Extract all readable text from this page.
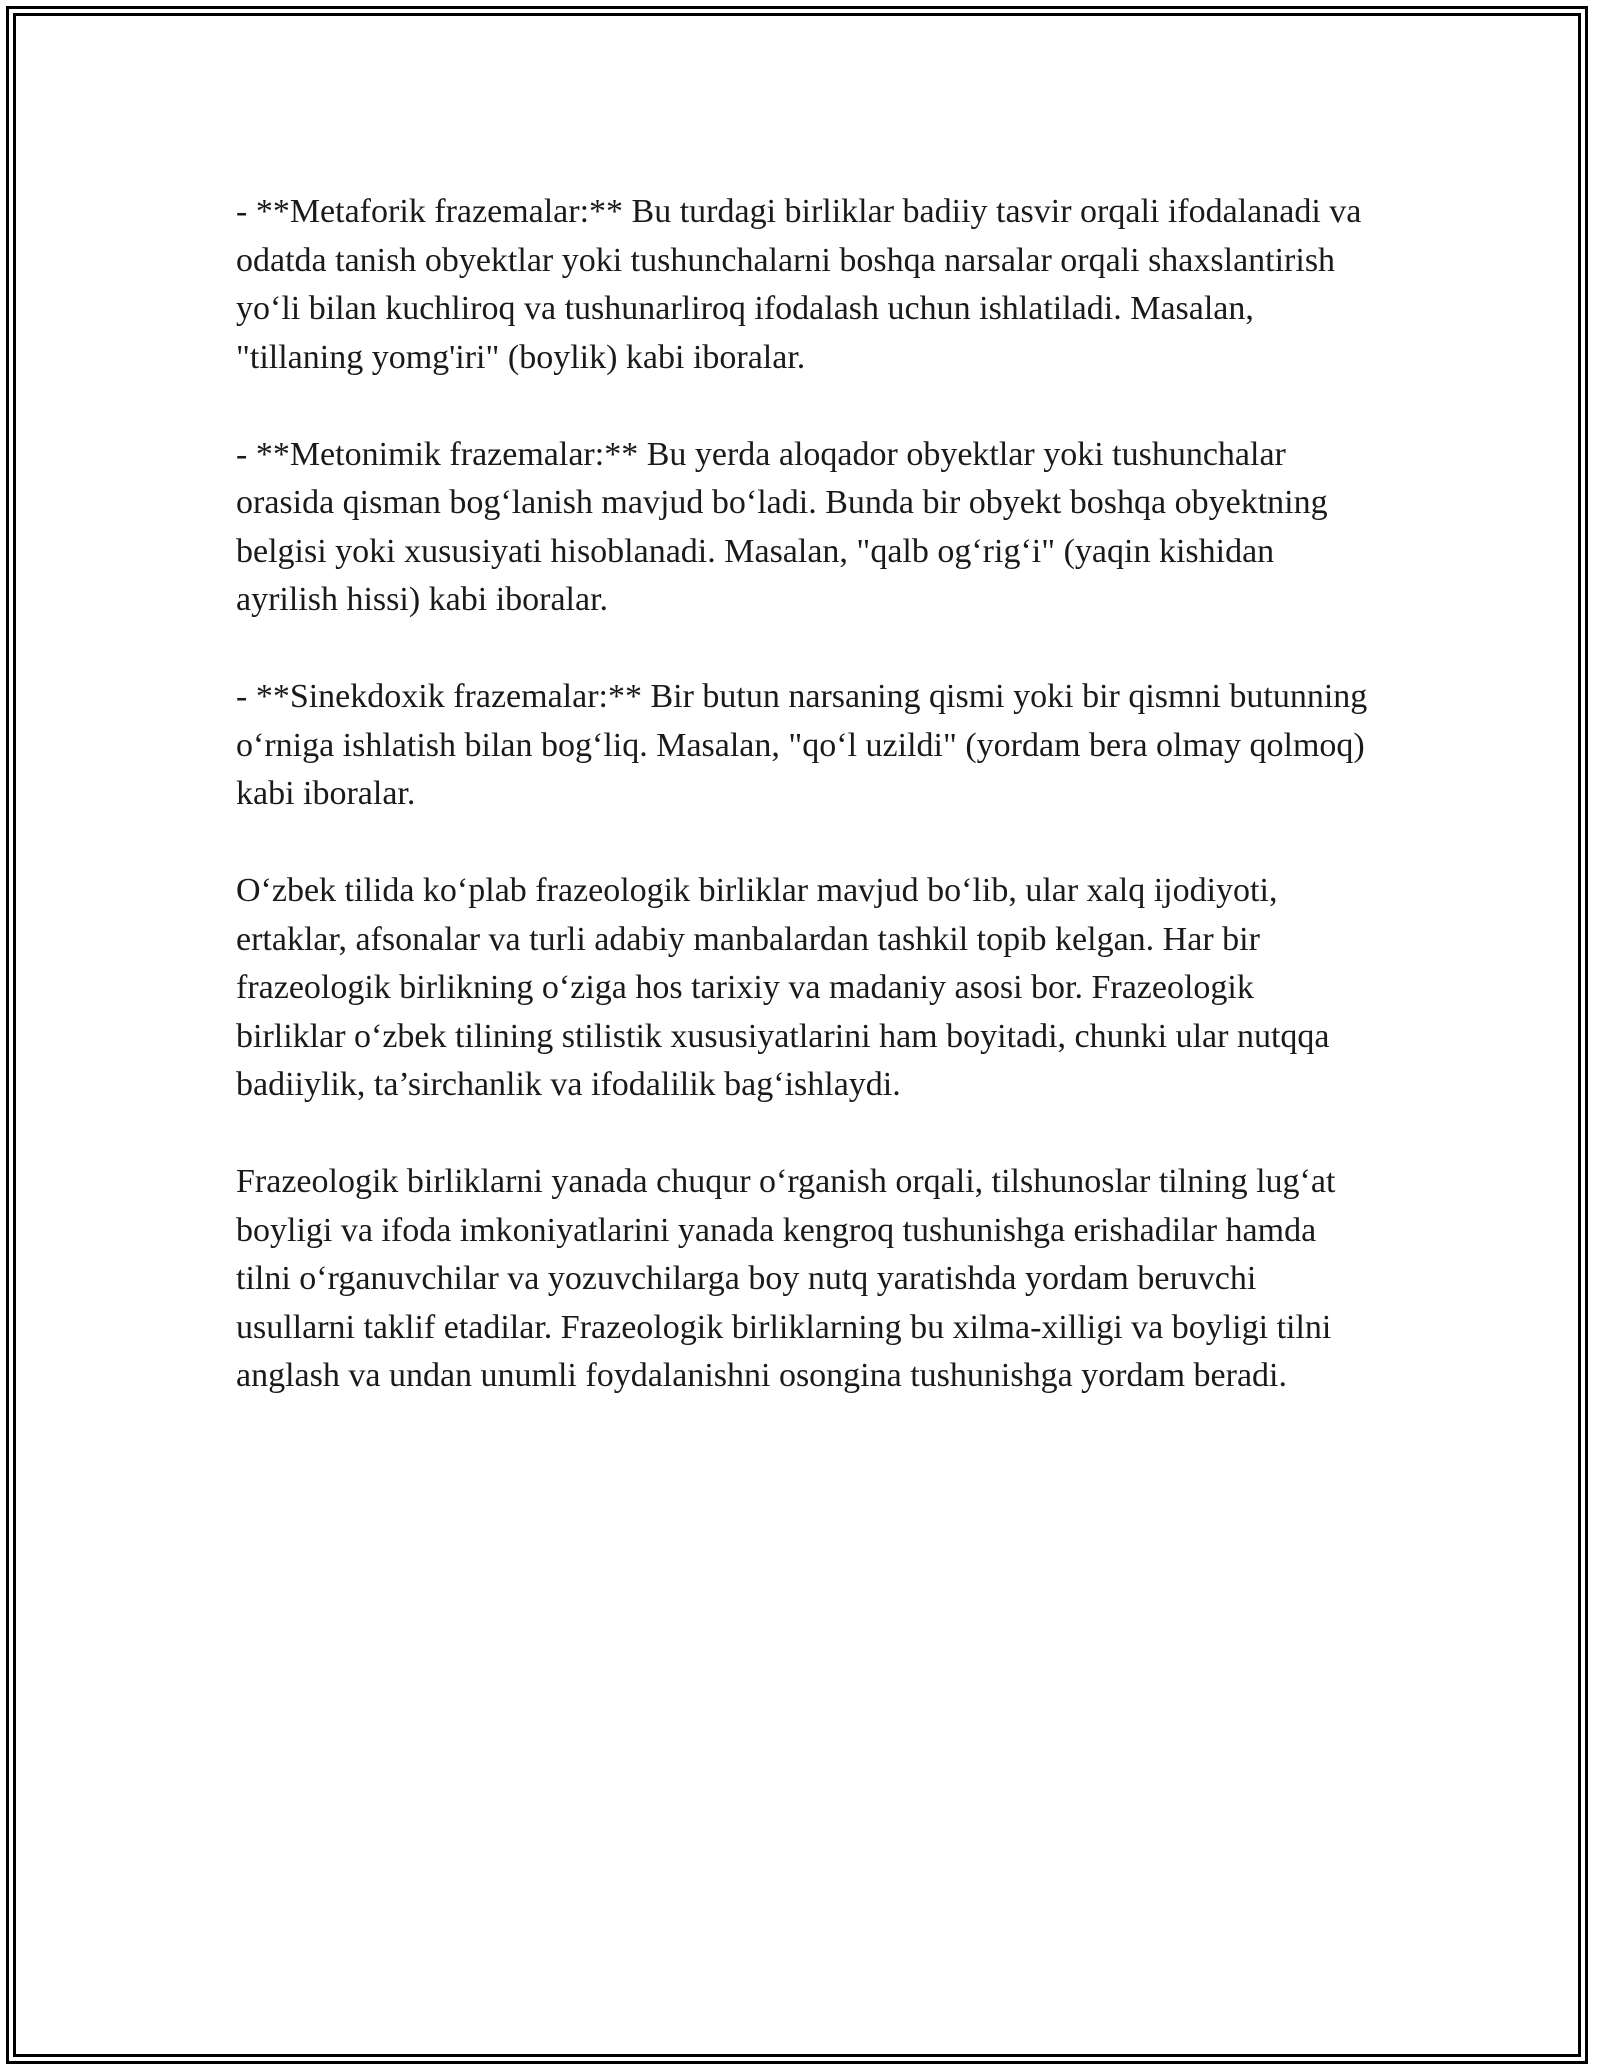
- **Metaforik frazemalar:** Bu turdagi birliklar badiiy tasvir orqali ifodalanadi va odatda tanish obyektlar yoki tushunchalarni boshqa narsalar orqali shaxslantirish yo‘li bilan kuchliroq va tushunarliroq ifodalash uchun ishlatiladi. Masalan, "tillaning yomg'iri" (boylik) kabi iboralar.

- **Metonimik frazemalar:** Bu yerda aloqador obyektlar yoki tushunchalar orasida qisman bog‘lanish mavjud bo‘ladi. Bunda bir obyekt boshqa obyektning belgisi yoki xususiyati hisoblanadi. Masalan, "qalb og‘rig‘i" (yaqin kishidan ayrilish hissi) kabi iboralar.

- **Sinekdoxik frazemalar:** Bir butun narsaning qismi yoki bir qismni butunning o‘rniga ishlatish bilan bog‘liq. Masalan, "qo‘l uzildi" (yordam bera olmay qolmoq) kabi iboralar.

O‘zbek tilida ko‘plab frazeologik birliklar mavjud bo‘lib, ular xalq ijodiyoti, ertaklar, afsonalar va turli adabiy manbalardan tashkil topib kelgan. Har bir frazeologik birlikning o‘ziga hos tarixiy va madaniy asosi bor. Frazeologik birliklar o‘zbek tilining stilistik xususiyatlarini ham boyitadi, chunki ular nutqqa badiiylik, ta’sirchanlik va ifodalilik bag‘ishlaydi.

Frazeologik birliklarni yanada chuqur o‘rganish orqali, tilshunoslar tilning lug‘at boyligi va ifoda imkoniyatlarini yanada kengroq tushunishga erishadilar hamda tilni o‘rganuvchilar va yozuvchilarga boy nutq yaratishda yordam beruvchi usullarni taklif etadilar. Frazeologik birliklarning bu xilma-xilligi va boyligi tilni anglash va undan unumli foydalanishni osongina tushunishga yordam beradi.
